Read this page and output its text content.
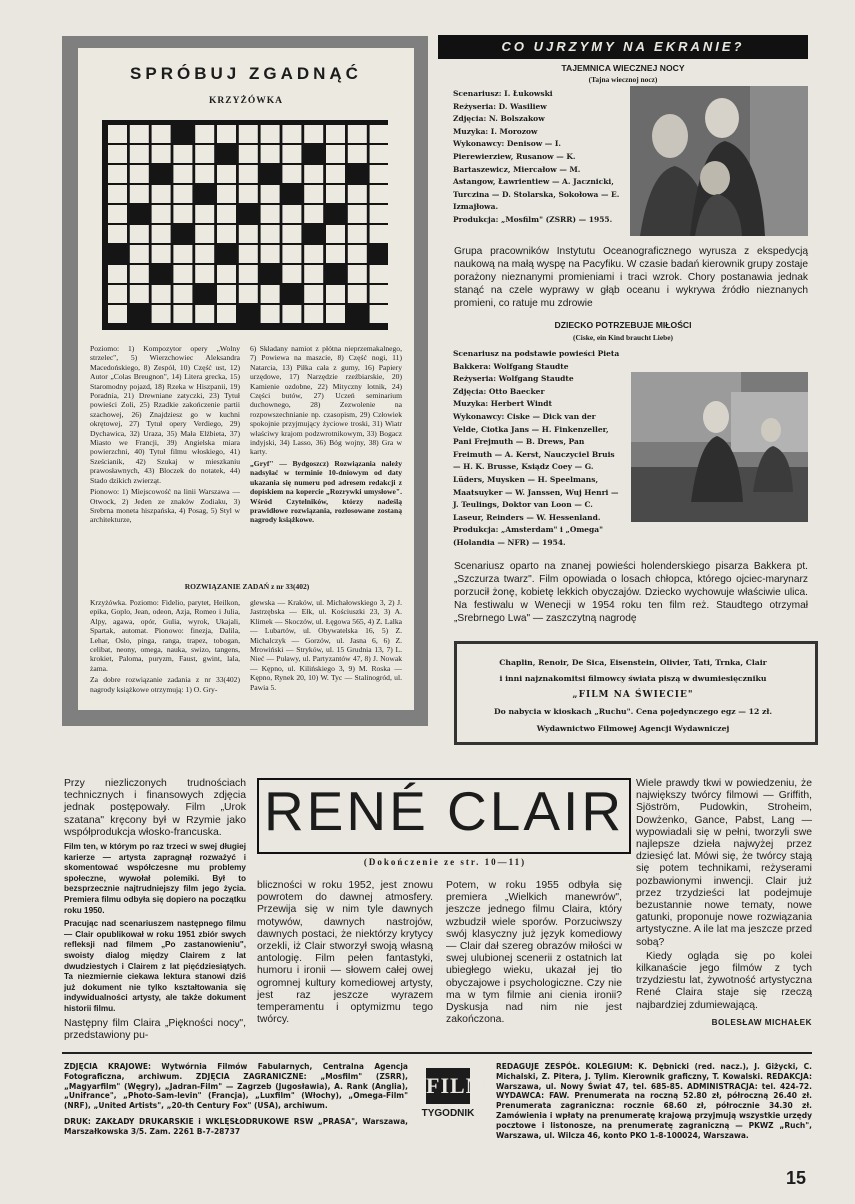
SPRÓBUJ ZGADNĄĆ
KRZYŻÓWKA

Poziomo: 1) Kompozytor opery „Wolny strzelec", 5) Wierzchowiec Aleksandra Macedońskiego, 8) Zespół, 10) Część ust, 12) Autor „Colas Breugnon", 14) Litera grecka, 15) Staromodny pojazd, 18) Rzeka w Hiszpanii, 19) Poradnia, 21) Drewniane zatyczki, 23) Tytuł powieści Zoli, 25) Rzadkie zakończenie partii szachowej, 26) Znajdziesz go w kuchni okrętowej, 27) Tytuł opery Verdiego, 29) Dychawica, 32) Uraza, 35) Mała Elżbieta, 37) Miasto we Francji, 39) Angielska miara powierzchni, 40) Tytuł filmu włoskiego, 41) Sześcianik, 42) Szukaj w mieszkaniu prawosławnych, 43) Bloczek do notatek, 44) Stado dzikich zwierząt.

Pionowo: 1) Miejscowość na linii Warszawa — Otwock, 2) Jeden ze znaków Zodiaku, 3) Srebrna moneta hiszpańska, 4) Posag, 5) Styl w architekturze,

6) Składany namiot z płótna nieprzemakalnego, 7) Powiewa na maszcie, 8) Część nogi, 11) Natarcia, 13) Piłka cała z gumy, 16) Papiery urzędowe, 17) Narzędzie rzeźbiarskie, 20) Kamienie ozdobne, 22) Mityczny lotnik, 24) Części butów, 27) Uczeń seminarium duchownego, 28) Zezwolenie na rozpowszechnianie np. czasopism, 29) Człowiek spokojnie przyjmujący życiowe troski, 31) Wiatr właściwy krajom podzwrotnikowym, 33) Bogacz indyjski, 34) Lasso, 36) Bóg wojny, 38) Gra w karty.

„Gryf" — Bydgoszcz) Rozwiązania należy nadsyłać w terminie 10-dniowym od daty ukazania się numeru pod adresem redakcji z dopiskiem na kopercie „Rozrywki umysłowe". Wśród Czytelników, którzy nadeślą prawidłowe rozwiązania, rozlosowane zostaną nagrody książkowe.

ROZWIĄZANIE ZADAŃ z nr 33(402)

Krzyżówka. Poziomo: Fidelio, parytet, Heilkon, epika, Goplo, Jean, odeon, Azja, Romeo i Julia, Alpy, agawa, opór, Gulia, wyrok, Ukajali, Spartak, automat. Pionowo: finezja, Dalila, Lehar, Oslo, pinga, ranga, trapez, tobogan, celibat, neony, omega, nauka, swizo, tangens, krokiet, Paloma, puryzm, Faust, gwint, lala, żama.

Za dobre rozwiązanie zadania z nr 33(402) nagrody książkowe otrzymują: 1) O. Gry-

glewska — Kraków, ul. Michałowskiego 3, 2) J. Jastrzębska — Ełk, ul. Kościuszki 23, 3) A. Klimek — Skoczów, ul. Łęgowa 565, 4) Z. Lalka — Lubartów, ul. Obywatelska 16, 5) Z. Michalczyk — Gorzów, ul. Jasna 6, 6) Z. Mrowiński — Stryków, ul. 15 Grudnia 13, 7) L. Nieć — Puławy, ul. Partyzantów 47, 8) J. Nowak — Kępno, ul. Kilińskiego 3, 9) M. Roska — Kępno, Rynek 20, 10) W. Tyc — Stalinogród, ul. Pawia 5.

CO UJRZYMY NA EKRANIE?
TAJEMNICA WIECZNEJ NOCY
(Tajna wiecznoj nocz)
Scenariusz: I. Łukowski
Reżyseria: D. Wasiliew
Zdjęcia: N. Bolszakow
Muzyka: I. Morozow
Wykonawcy: Denisow — I. Pierewierziew, Rusanow — K. Bartaszewicz, Miercałow — M. Astangow, Ławrientiew — A. Jacznicki, Turczina — D. Stolarska, Sokołowa — E. Izmajłowa.
Produkcja: „Mosfilm" (ZSRR) — 1955.
Grupa pracowników Instytutu Oceanograficznego wyrusza z ekspedycją naukową na małą wyspę na Pacyfiku. W czasie badań kierownik grupy zostaje porażony nieznanymi promieniami i traci wzrok. Chory postanawia jednak stanąć na czele wyprawy w głąb oceanu i wykrywa źródło nieznanych promieni, co ratuje mu zdrowie
DZIECKO POTRZEBUJE MIŁOŚCI
(Ciske, ein Kind braucht Liebe)
Scenariusz na podstawie powieści Pieta Bakkera: Wolfgang Staudte
Reżyseria: Wolfgang Staudte
Zdjęcia: Otto Baecker
Muzyka: Herbert Windt
Wykonawcy: Ciske — Dick van der Velde, Ciotka Jans — H. Finkenzeller, Pani Frejmuth — B. Drews, Pan Freimuth — A. Kerst, Nauczyciel Bruis — H. K. Brusse, Ksiądz Coey — G. Lüders, Muysken — H. Speelmans, Maatsuyker — W. Janssen, Wuj Henri — J. Teulings, Doktor van Loon — C. Laseur, Reinders — W. Hessenland.
Produkcja: „Amsterdam" i „Omega" (Holandia — NFR) — 1954.
Scenariusz oparto na znanej powieści holenderskiego pisarza Bakkera pt. „Szczurza twarz". Film opowiada o losach chłopca, którego ojciec-marynarz porzucił żonę, kobietę lekkich obyczajów. Dziecko wychowuje właściwie ulica. Na festiwalu w Wenecji w 1954 roku ten film reż. Staudtego otrzymał „Srebrnego Lwa" — zaszczytną nagrodę
Chaplin, Renoir, De Sica, Eisenstein, Olivier, Tati, Trnka, Clair
i inni najznakomitsi filmowcy świata piszą w dwumiesięczniku
„FILM NA ŚWIECIE"
Do nabycia w kioskach „Ruchu". Cena pojedynczego egz — 12 zł.
Wydawnictwo Filmowej Agencji Wydawniczej
RENÉ CLAIR
(Dokończenie ze str. 10—11)

Przy niezliczonych trudnościach technicznych i finansowych zdjęcia jednak postępowały. Film „Urok szatana" kręcony był w Rzymie jako współprodukcja włosko-francuska.

Film ten, w którym po raz trzeci w swej długiej karierze — artysta zapragnął rozważyć i skomentować współczesne mu problemy społeczne, wywołał polemiki. Był to bezsprzecznie najtrudniejszy film jego życia. Premiera filmu odbyła się dopiero na początku roku 1950.

Pracując nad scenariuszem następnego filmu — Clair opublikował w roku 1951 zbiór swych refleksji nad filmem „Po zastanowieniu", swoisty dialog między Clairem z lat dwudziestych i Clairem z lat pięćdziesiątych. Ta niezmiernie ciekawa lektura stanowi dziś już dokument nie tylko kształtowania się indywidualności artysty, ale także dokument historii filmu.

Następny film Claira „Piękności nocy", przedstawiony pu-

bliczności w roku 1952, jest znowu powrotem do dawnej atmosfery. Przewija się w nim tyle dawnych motywów, dawnych nastrojów, dawnych postaci, że niektórzy krytycy orzekli, iż Clair stworzył swoją własną antologię. Film pełen fantastyki, humoru i ironii — słowem całej owej ogromnej kultury komediowej artysty, jest raz jeszcze wyrazem temperamentu i optymizmu tego twórcy.
Potem, w roku 1955 odbyła się premiera „Wielkich manewrów", jeszcze jednego filmu Claira, który wzbudził wiele sporów. Porzuciwszy swój klasyczny już język komediowy — Clair dał szereg obrazów miłości w swej ulubionej scenerii z ostatnich lat ubiegłego wieku, ukazał jej tło obyczajowe i psychologiczne. Czy nie ma w tym filmie ani cienia ironii? Dyskusja nad nim nie jest zakończona.

Wiele prawdy tkwi w powiedzeniu, że największy twórcy filmowi — Griffith, Sjöström, Pudowkin, Stroheim, Dowżenko, Gance, Pabst, Lang — wypowiadali się w pełni, tworzyli swe najlepsze dzieła najwyżej przez dziesięć lat. Mówi się, że twórcy stają się potem technikami, reżyserami pozbawionymi inwencji. Clair już przez trzydzieści lat podejmuje bezustannie nowe tematy, nowe gatunki, proponuje nowe rozwiązania artystyczne. A ile lat ma jeszcze przed sobą?

Kiedy ogląda się po kolei kilkanaście jego filmów z tych trzydziestu lat, żywotność artystyczna René Claira staje się rzeczą najbardziej zdumiewającą.

BOLESŁAW MICHAŁEK

ZDJĘCIA KRAJOWE: Wytwórnia Filmów Fabularnych, Centralna Agencja Fotograficzna, archiwum. ZDJĘCIA ZAGRANICZNE: „Mosfilm" (ZSRR), „Magyarfilm" (Węgry), „Jadran-Film" — Zagrzeb (Jugosławia), A. Rank (Anglia), „Unifrance", „Photo-Sam-levin" (Francja), „Luxfilm" (Włochy), „Omega-Film" (NRF), „United Artists", „20-th Century Fox" (USA), archiwum.

DRUK: ZAKŁADY DRUKARSKIE i WKLĘSŁODRUKOWE RSW „PRASA", Warszawa, Marszałkowska 3/5. Zam. 2261 B-7-28737

FILM
TYGODNIK

REDAGUJE ZESPÓŁ. KOLEGIUM: K. Dębnicki (red. nacz.), J. Giżycki, C. Michalski, Z. Pitera, J. Tylim. Kierownik graficzny, T. Kowalski. REDAKCJA: Warszawa, ul. Nowy Świat 47, tel. 685-85. ADMINISTRACJA: tel. 424-72. WYDAWCA: FAW. Prenumerata na roczną 52.80 zł, półroczną 26.40 zł. Prenumerata zagraniczna: rocznie 68.60 zł, półrocznie 34.30 zł. Zamówienia i wpłaty na prenumeratę krajową przyjmują wszystkie urzędy pocztowe i listonosze, na prenumeratę zagraniczną — PKWZ „Ruch", Warszawa, ul. Wilcza 46, konto PKO 1-8-100024, Warszawa.

15
